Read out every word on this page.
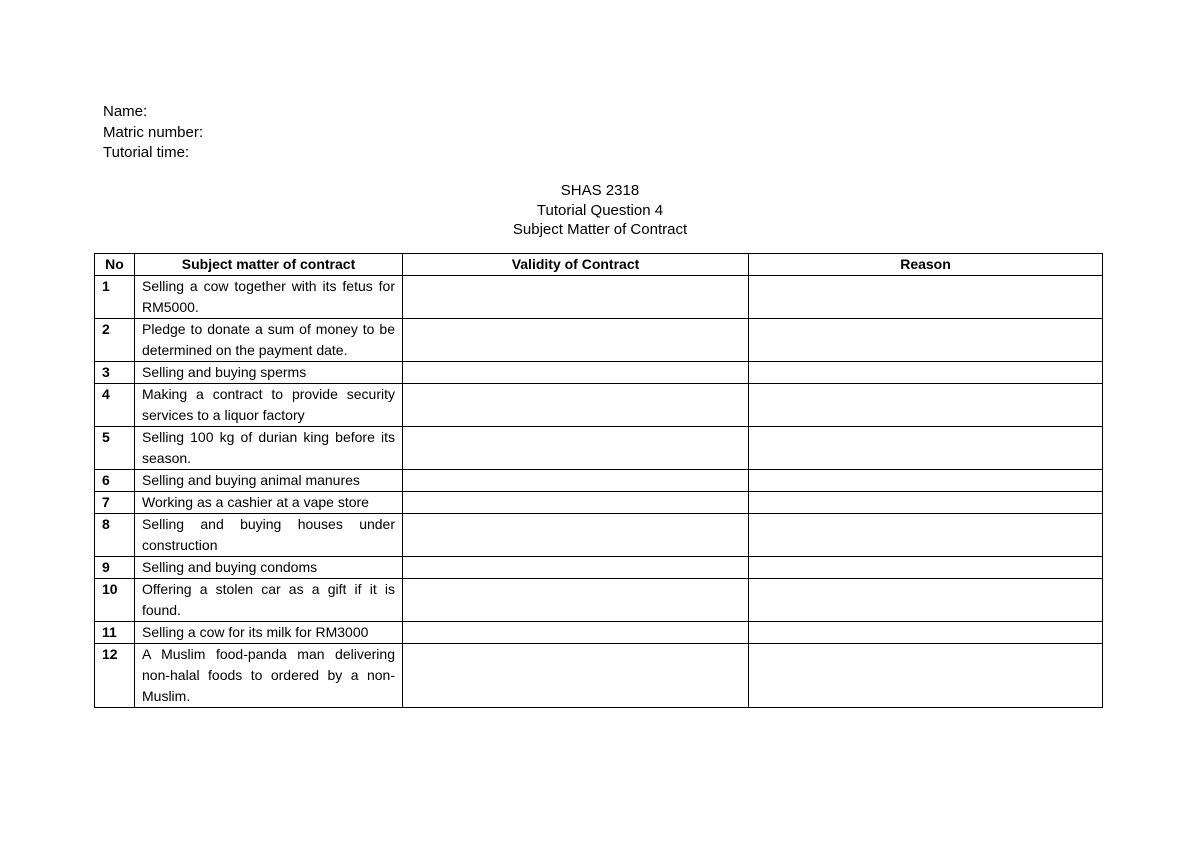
Name:
Matric number:
Tutorial time:
SHAS 2318
Tutorial Question 4
Subject Matter of Contract
No	Subject matter of contract	Validity of Contract	Reason
1	Selling a cow together with its fetus for RM5000.		
2	Pledge to donate a sum of money to be determined on the payment date.		
3	Selling and buying sperms		
4	Making a contract to provide security services to a liquor factory		
5	Selling 100 kg of durian king before its season.		
6	Selling and buying animal manures		
7	Working as a cashier at a vape store		
8	Selling and buying houses under construction		
9	Selling and buying condoms		
10	Offering a stolen car as a gift if it is found.		
11	Selling a cow for its milk for RM3000		
12	A Muslim food-panda man delivering non-halal foods to ordered by a non-Muslim.		
